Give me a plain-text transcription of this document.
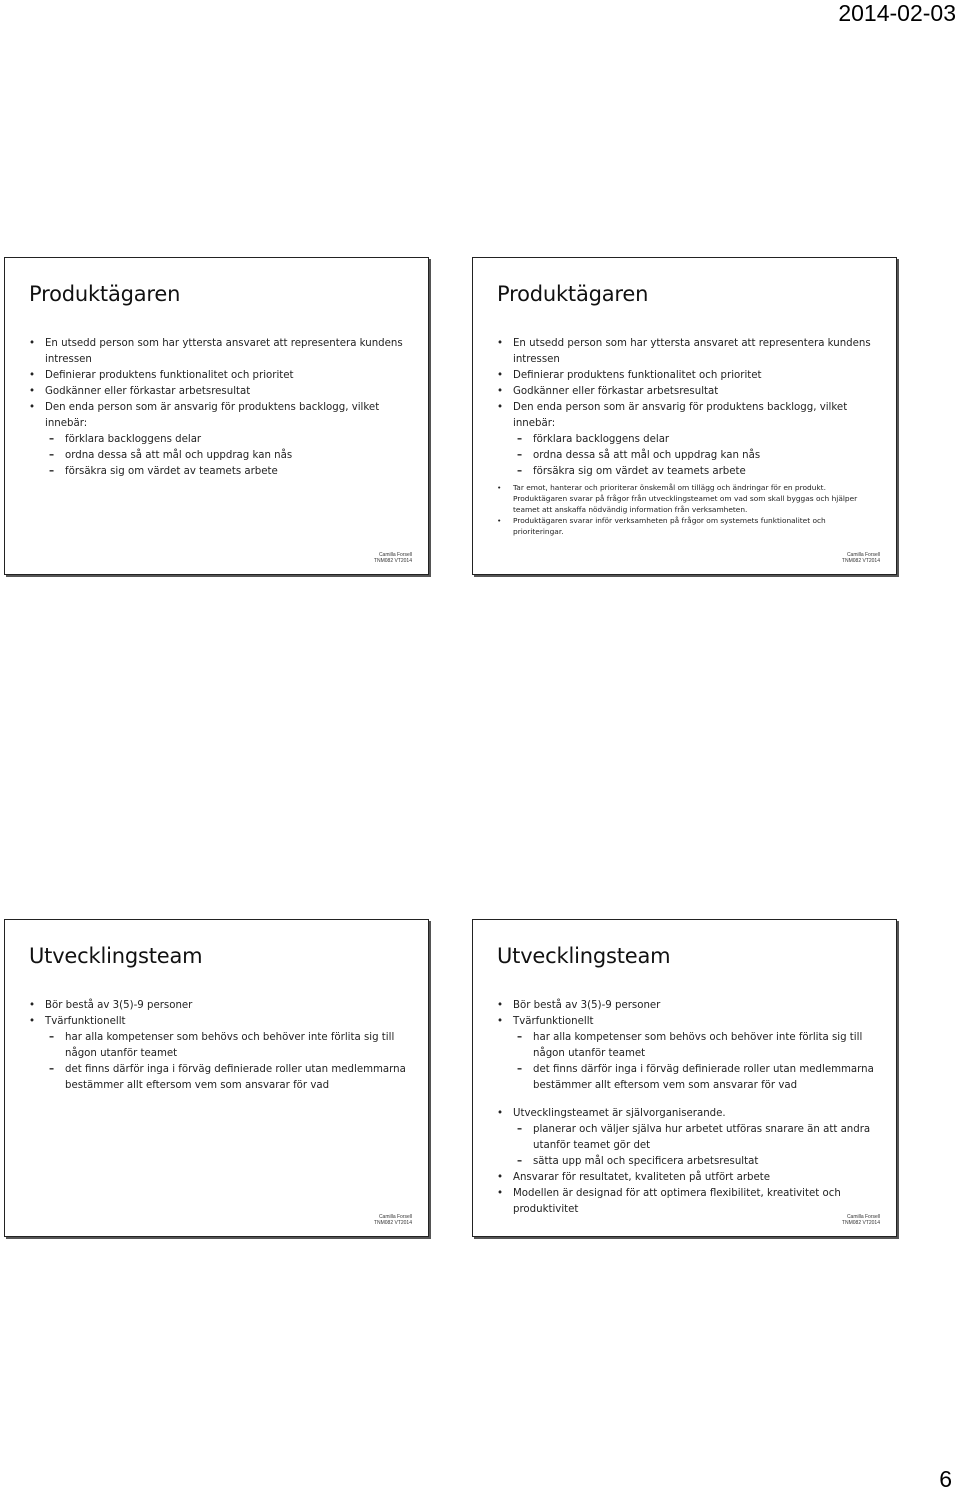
2014-02-03
Produktägaren
• En utsedd person som har yttersta ansvaret att representera kundens intressen
• Definierar produktens funktionalitet och prioritet
• Godkänner eller förkastar arbetsresultat
• Den enda person som är ansvarig för produktens backlogg, vilket innebär:
– förklara backloggens delar
– ordna dessa så att mål och uppdrag kan nås
– försäkra sig om värdet av teamets arbete
Camilla Forsell
TNM082 VT2014
Produktägaren
• En utsedd person som har yttersta ansvaret att representera kundens intressen
• Definierar produktens funktionalitet och prioritet
• Godkänner eller förkastar arbetsresultat
• Den enda person som är ansvarig för produktens backlogg, vilket innebär:
– förklara backloggens delar
– ordna dessa så att mål och uppdrag kan nås
– försäkra sig om värdet av teamets arbete
• Tar emot, hanterar och prioriterar önskemål om tillägg och ändringar för en produkt. Produktägaren svarar på frågor från utvecklingsteamet om vad som skall byggas och hjälper teamet att anskaffa nödvändig information från verksamheten.
• Produktägaren svarar inför verksamheten på frågor om systemets funktionalitet och prioriteringar.
Camilla Forsell
TNM082 VT2014
Utvecklingsteam
• Bör bestå av 3(5)-9 personer
• Tvärfunktionellt
– har alla kompetenser som behövs och behöver inte förlita sig till någon utanför teamet
– det finns därför inga i förväg definierade roller utan medlemmarna bestämmer allt eftersom vem som ansvarar för vad
Camilla Forsell
TNM082 VT2014
Utvecklingsteam
• Bör bestå av 3(5)-9 personer
• Tvärfunktionellt
– har alla kompetenser som behövs och behöver inte förlita sig till någon utanför teamet
– det finns därför inga i förväg definierade roller utan medlemmarna bestämmer allt eftersom vem som ansvarar för vad
• Utvecklingsteamet är självorganiserande.
– planerar och väljer själva hur arbetet utföras snarare än att andra utanför teamet gör det
– sätta upp mål och specificera arbetsresultat
• Ansvarar för resultatet, kvaliteten på utfört arbete
• Modellen är designad för att optimera flexibilitet, kreativitet och produktivitet
Camilla Forsell
TNM082 VT2014
6
